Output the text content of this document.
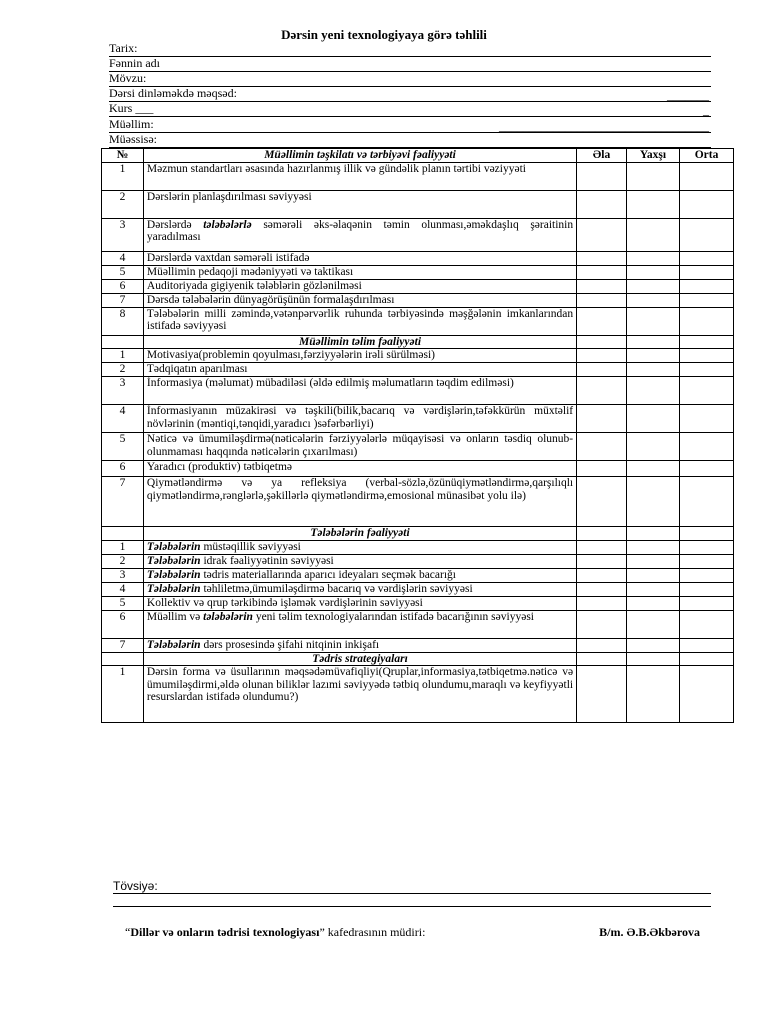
Dərsin yeni texnologiyaya görə təhlili
Tarix:
Fənnin adı
Mövzu:
Dərsi dinləməkdə məqsəd:	_______
Kurs ___	_
Müəllim:	___________________________________
Müəssisə:
№	Müəllimin təşkilatı və tərbiyəvi fəaliyyəti	Əla	Yaxşı	Orta
1	Məzmun standartları əsasında hazırlanmış illik və gündəlik planın tərtibi vəziyyəti			
2	Dərslərin planlaşdırılması səviyyəsi			
3	Dərslərdə tələbələrlə səmərəli əks-əlaqənin təmin olunması,əməkdaşlıq şəraitinin yaradılması			
4	Dərslərdə vaxtdan səmərəli istifadə			
5	Müəllimin pedaqoji mədəniyyəti və taktikası			
6	Auditoriyada gigiyenik tələblərin gözlənilməsi			
7	Dərsdə tələbələrin dünyagörüşünün formalaşdırılması			
8	Tələbələrin milli zəmində,vətənpərvərlik ruhunda tərbiyəsində məşğələnin imkanlarından istifadə səviyyəsi			
	Müəllimin təlim fəaliyyəti			
1	Motivasiya(problemin qoyulması,fərziyyələrin irəli sürülməsi)			
2	Tədqiqatın aparılması			
3	İnformasiya (məlumat) mübadiləsi (əldə edilmiş məlumatların təqdim edilməsi)			
4	İnformasiyanın müzakirəsi və təşkili(bilik,bacarıq və vərdişlərin,təfəkkürün müxtəlif növlərinin (məntiqi,tənqidi,yaradıcı )səfərbərliyi)			
5	Nəticə və ümumiləşdirmə(nəticələrin fərziyyələrlə müqayisəsi və onların təsdiq olunub-olunmaması haqqında nəticələrin çıxarılması)			
6	Yaradıcı (produktiv) tətbiqetmə			
7	Qiymətləndirmə və ya refleksiya (verbal-sözlə,özünüqiymətləndirmə,qarşılıqlı qiymətləndirmə,rənglərlə,şəkillərlə qiymətləndirmə,emosional münasibət yolu ilə)			
	Tələbələrin fəaliyyəti			
1	Tələbələrin müstəqillik səviyyəsi			
2	Tələbələrin idrak fəaliyyətinin səviyyəsi			
3	Tələbələrin tədris materiallarında aparıcı ideyaları seçmək bacarığı			
4	Tələbələrin təhliletmə,ümumiləşdirmə bacarıq və vərdişlərin səviyyəsi			
5	Kollektiv və qrup tərkibində işləmək vərdişlərinin səviyyəsi			
6	Müəllim və tələbələrin yeni təlim texnologiyalarından istifadə bacarığının səviyyəsi			
7	Tələbələrin dərs prosesində şifahi nitqinin inkişafı			
	Tədris strategiyaları			
1	Dərsin forma və üsullarının məqsədəmüvafiqliyi(Qruplar,informasiya,tətbiqetmə.nəticə və ümumiləşdirmi,əldə olunan biliklər lazımi səviyyədə tətbiq olundumu,maraqlı və keyfiyyətli resurslardan istifadə olundumu?)			
Tövsiyə:
“Dillər və onların tədrisi texnologiyası” kafedrasının müdiri:	B/m. Ə.B.Əkbərova
